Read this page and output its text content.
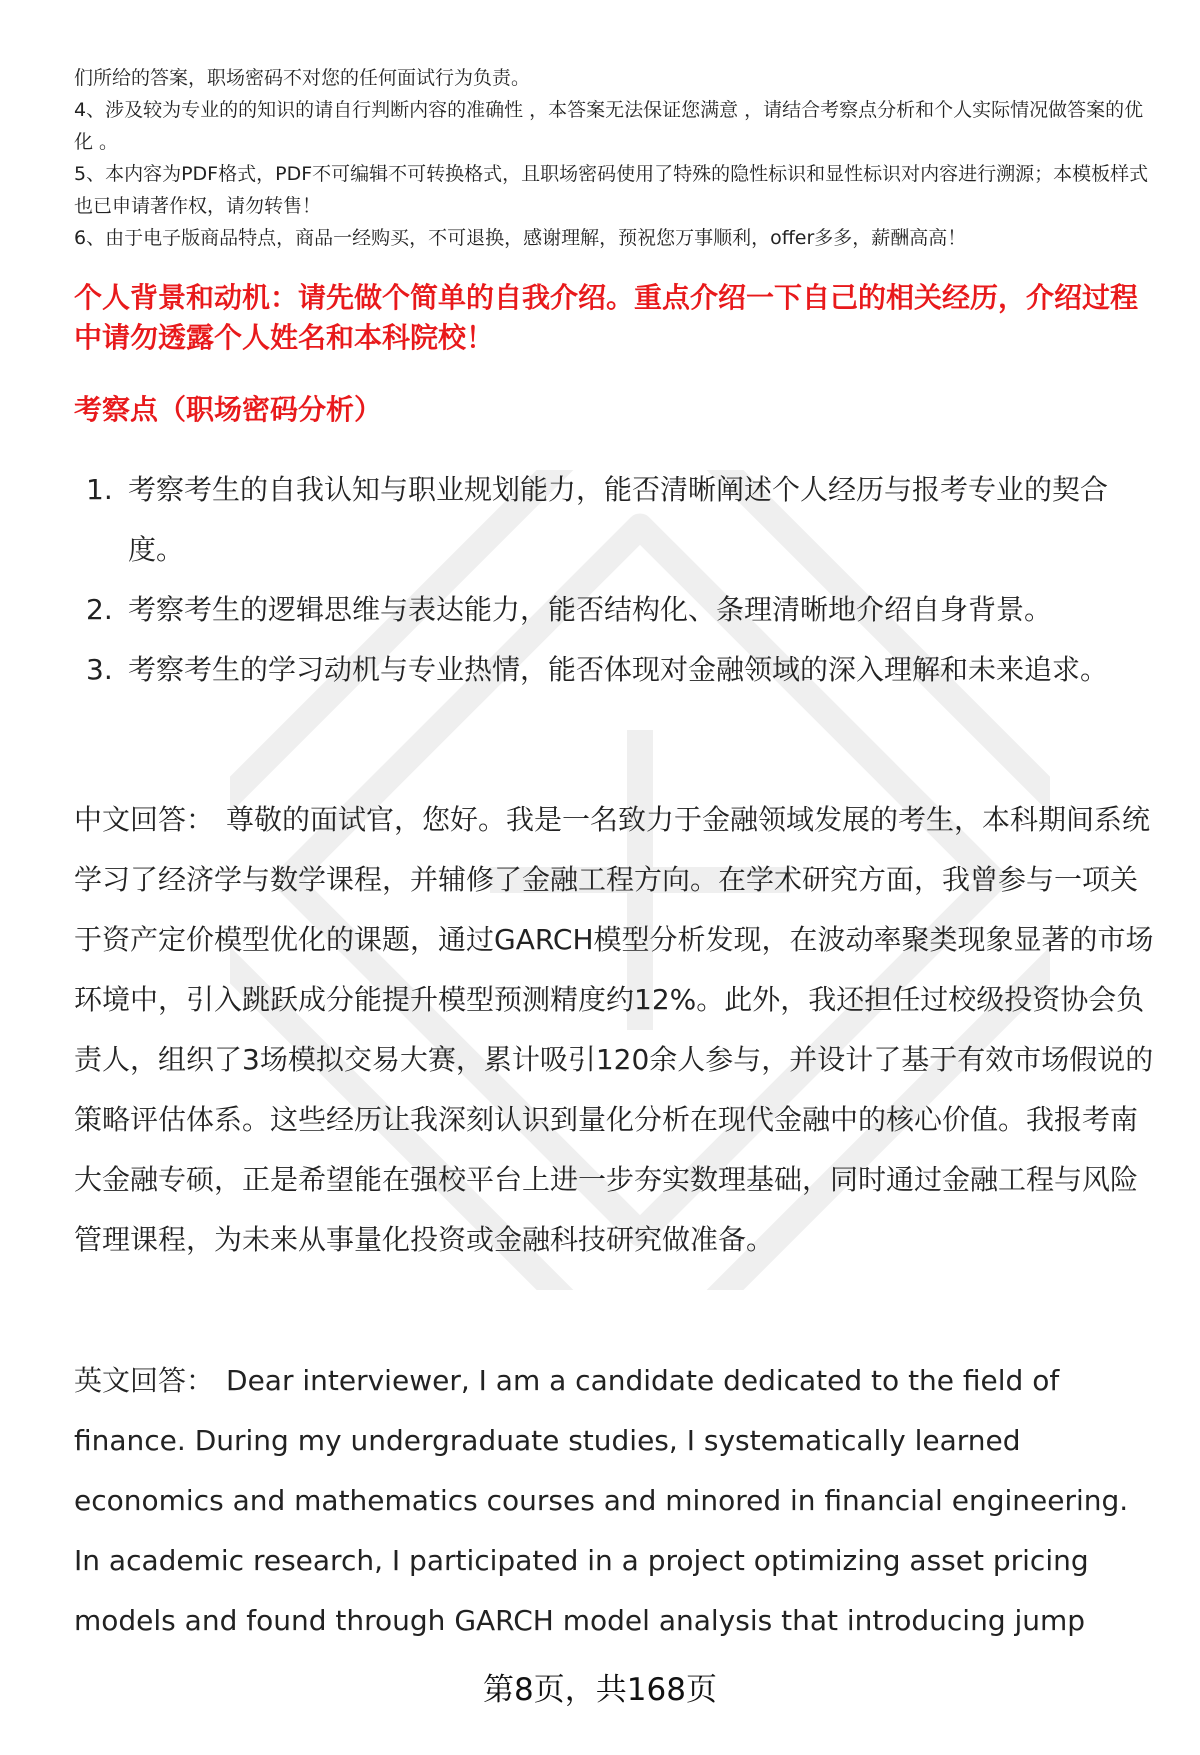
们所给的答案，职场密码不对您的任何面试行为负责。

4、涉及较为专业的的知识的请自行判断内容的准确性 ，本答案无法保证您满意 ，请结合考察点分析和个人实际情况做答案的优化 。

5、本内容为PDF格式，PDF不可编辑不可转换格式，且职场密码使用了特殊的隐性标识和显性标识对内容进行溯源；本模板样式也已申请著作权，请勿转售！

6、由于电子版商品特点，商品一经购买，不可退换，感谢理解，预祝您万事顺利，offer多多，薪酬高高！

个人背景和动机：请先做个简单的自我介绍。重点介绍一下自己的相关经历，介绍过程中请勿透露个人姓名和本科院校！
考察点（职场密码分析）
1. 考察考生的自我认知与职业规划能力，能否清晰阐述个人经历与报考专业的契合度。
2. 考察考生的逻辑思维与表达能力，能否结构化、条理清晰地介绍自身背景。
3. 考察考生的学习动机与专业热情，能否体现对金融领域的深入理解和未来追求。

中文回答： 尊敬的面试官，您好。我是一名致力于金融领域发展的考生，本科期间系统学习了经济学与数学课程，并辅修了金融工程方向。在学术研究方面，我曾参与一项关于资产定价模型优化的课题，通过GARCH模型分析发现，在波动率聚类现象显著的市场环境中，引入跳跃成分能提升模型预测精度约12%。此外，我还担任过校级投资协会负责人，组织了3场模拟交易大赛，累计吸引120余人参与，并设计了基于有效市场假说的策略评估体系。这些经历让我深刻认识到量化分析在现代金融中的核心价值。我报考南大金融专硕，正是希望能在强校平台上进一步夯实数理基础，同时通过金融工程与风险管理课程，为未来从事量化投资或金融科技研究做准备。

英文回答： Dear interviewer, I am a candidate dedicated to the field of finance. During my undergraduate studies, I systematically learned economics and mathematics courses and minored in financial engineering. In academic research, I participated in a project optimizing asset pricing models and found through GARCH model analysis that introducing jump

第8页，共168页
